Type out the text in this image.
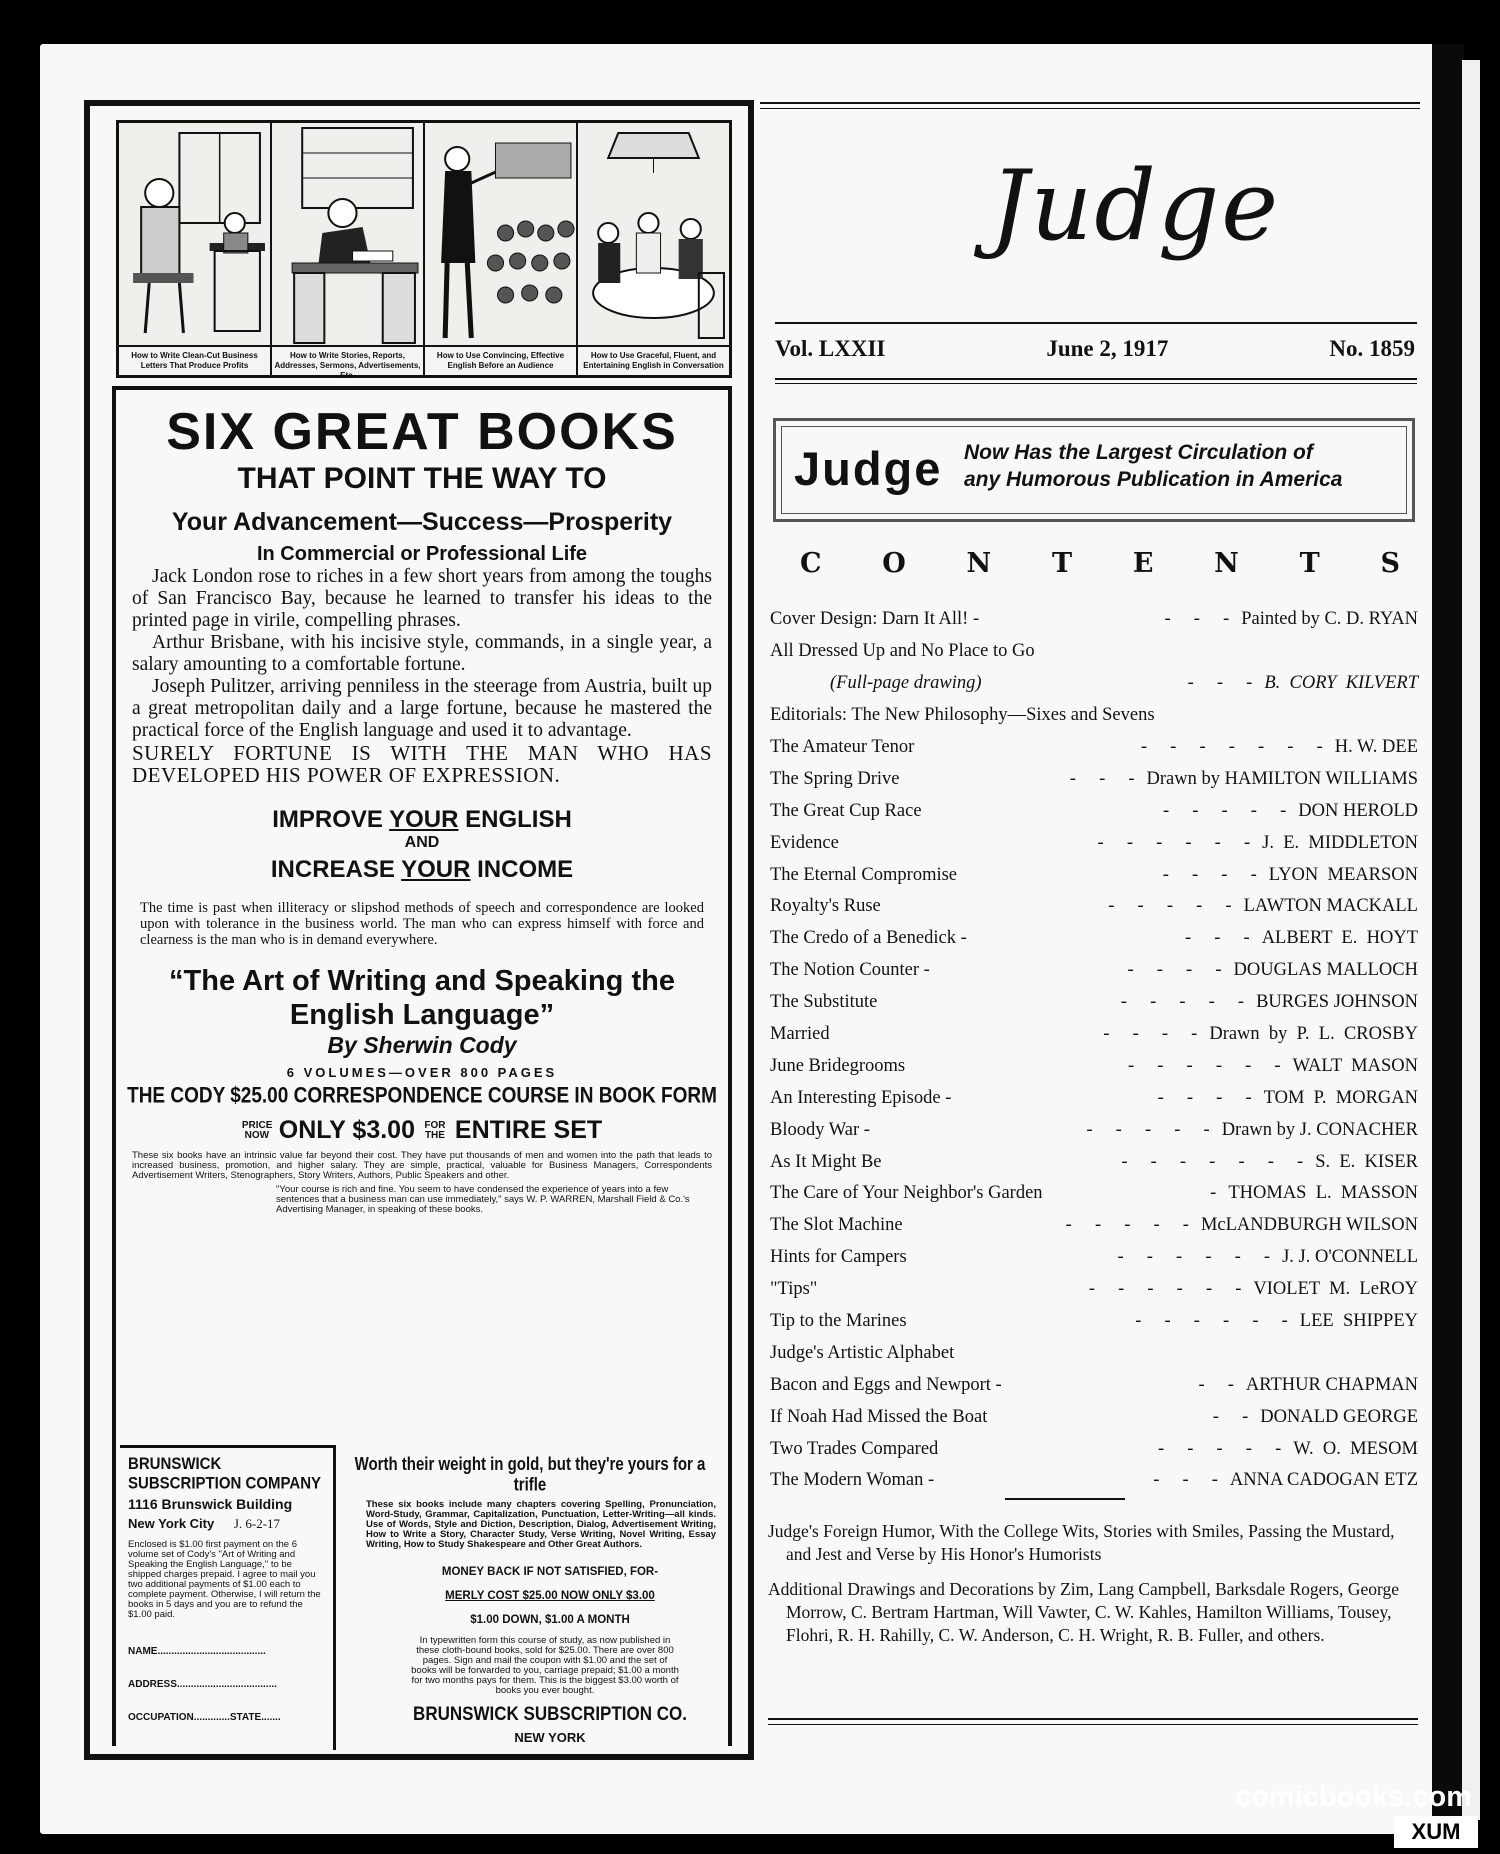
How to Write Clean-Cut Business Letters That Produce Profits
How to Write Stories, Reports, Addresses, Sermons, Advertisements, Etc.
How to Use Convincing, Effective English Before an Audience
How to Use Graceful, Fluent, and Entertaining English in Conversation
SIX GREAT BOOKS
THAT POINT THE WAY TO
Your Advancement—Success—Prosperity
In Commercial or Professional Life

Jack London rose to riches in a few short years from among the toughs of San Francisco Bay, because he learned to transfer his ideas to the printed page in virile, compelling phrases.

Arthur Brisbane, with his incisive style, commands, in a single year, a salary amounting to a comfortable fortune.

Joseph Pulitzer, arriving penniless in the steerage from Austria, built up a great metropolitan daily and a large fortune, because he mastered the practical force of the English language and used it to advantage.

SURELY FORTUNE IS WITH THE MAN WHO HAS DEVELOPED HIS POWER OF EXPRESSION.
IMPROVE YOUR ENGLISH
AND
INCREASE YOUR INCOME
The time is past when illiteracy or slipshod methods of speech and correspondence are looked upon with tolerance in the business world. The man who can express himself with force and clearness is the man who is in demand everywhere.
“The Art of Writing and Speaking the English Language”
By Sherwin Cody
6 VOLUMES—OVER 800 PAGES
THE CODY $25.00 CORRESPONDENCE COURSE IN BOOK FORM
PRICE NOW ONLY $3.00 FOR THE ENTIRE SET
These six books have an intrinsic value far beyond their cost. They have put thousands of men and women into the path that leads to increased business, promotion, and higher salary. They are simple, practical, valuable for Business Managers, Correspondents Advertisement Writers, Stenographers, Story Writers, Authors, Public Speakers and other.
"Your course is rich and fine. You seem to have condensed the experience of years into a few sentences that a business man can use immediately," says W. P. WARREN, Marshall Field & Co.'s Advertising Manager, in speaking of these books.
BRUNSWICK SUBSCRIPTION COMPANY
1116 Brunswick Building
New York City J. 6-2-17
Enclosed is $1.00 first payment on the 6 volume set of Cody's "Art of Writing and Speaking the English Language," to be shipped charges prepaid. I agree to mail you two additional payments of $1.00 each to complete payment. Otherwise, I will return the books in 5 days and you are to refund the $1.00 paid.
NAME.......................................
ADDRESS....................................
OCCUPATION.............STATE.......
Worth their weight in gold, but they're yours for a trifle
These six books include many chapters covering Spelling, Pronunciation, Word-Study, Grammar, Capitalization, Punctuation, Letter-Writing—all kinds. Use of Words, Style and Diction, Description, Dialog, Advertisement Writing, How to Write a Story, Character Study, Verse Writing, Novel Writing, Essay Writing, How to Study Shakespeare and Other Great Authors.
MONEY BACK IF NOT SATISFIED, FOR-
MERLY COST $25.00 NOW ONLY $3.00
$1.00 DOWN, $1.00 A MONTH
In typewritten form this course of study, as now published in these cloth-bound books, sold for $25.00. There are over 800 pages. Sign and mail the coupon with $1.00 and the set of books will be forwarded to you, carriage prepaid; $1.00 a month for two months pays for them. This is the biggest $3.00 worth of books you ever bought.
BRUNSWICK SUBSCRIPTION CO.
NEW YORK
Judge
Vol. LXXII	June 2, 1917	No. 1859
Judge Now Has the Largest Circulation of
any Humorous Publication in America
C O N T E N T S
Cover Design: Darn It All! -	-     -     - Painted by C. D. RYAN
All Dressed Up and No Place to Go
(Full-page drawing)	-     -     - B.  CORY  KILVERT
Editorials: The New Philosophy—Sixes and Sevens
The Amateur Tenor	-     -     -     -     -     -     - H. W. DEE
The Spring Drive	-     -     - Drawn by HAMILTON WILLIAMS
The Great Cup Race	-     -     -     -     - DON HEROLD
Evidence	-     -     -     -     -     - J.  E.  MIDDLETON
The Eternal Compromise	-     -     -     - LYON  MEARSON
Royalty's Ruse	-     -     -     -     - LAWTON MACKALL
The Credo of a Benedick -	-     -     - ALBERT  E.  HOYT
The Notion Counter -	-     -     -     - DOUGLAS MALLOCH
The Substitute	-     -     -     -     - BURGES JOHNSON
Married	-     -     -     - Drawn  by  P.  L.  CROSBY
June Bridegrooms	-     -     -     -     -     - WALT  MASON
An Interesting Episode -	-     -     -     - TOM  P.  MORGAN
Bloody War -	-     -     -     -     - Drawn by J. CONACHER
As It Might Be	-     -     -     -     -     -     - S.  E.  KISER
The Care of Your Neighbor's Garden	- THOMAS  L.  MASSON
The Slot Machine	-     -     -     -     - McLANDBURGH WILSON
Hints for Campers	-     -     -     -     -     - J. J. O'CONNELL
"Tips"	-     -     -     -     -     - VIOLET  M.  LeROY
Tip to the Marines	-     -     -     -     -     - LEE  SHIPPEY
Judge's Artistic Alphabet
Bacon and Eggs and Newport -	-     - ARTHUR CHAPMAN
If Noah Had Missed the Boat	-     - DONALD GEORGE
Two Trades Compared	-     -     -     -     - W.  O.  MESOM
The Modern Woman -	-     -     - ANNA CADOGAN ETZ

Judge's Foreign Humor, With the College Wits, Stories with Smiles, Passing the Mustard, and Jest and Verse by His Honor's Humorists

Additional Drawings and Decorations by Zim, Lang Campbell, Barksdale Rogers, George Morrow, C. Bertram Hartman, Will Vawter, C. W. Kahles, Hamilton Williams, Tousey, Flohri, R. H. Rahilly, C. W. Anderson, C. H. Wright, R. B. Fuller, and others.

comicbooks.com
XUM
